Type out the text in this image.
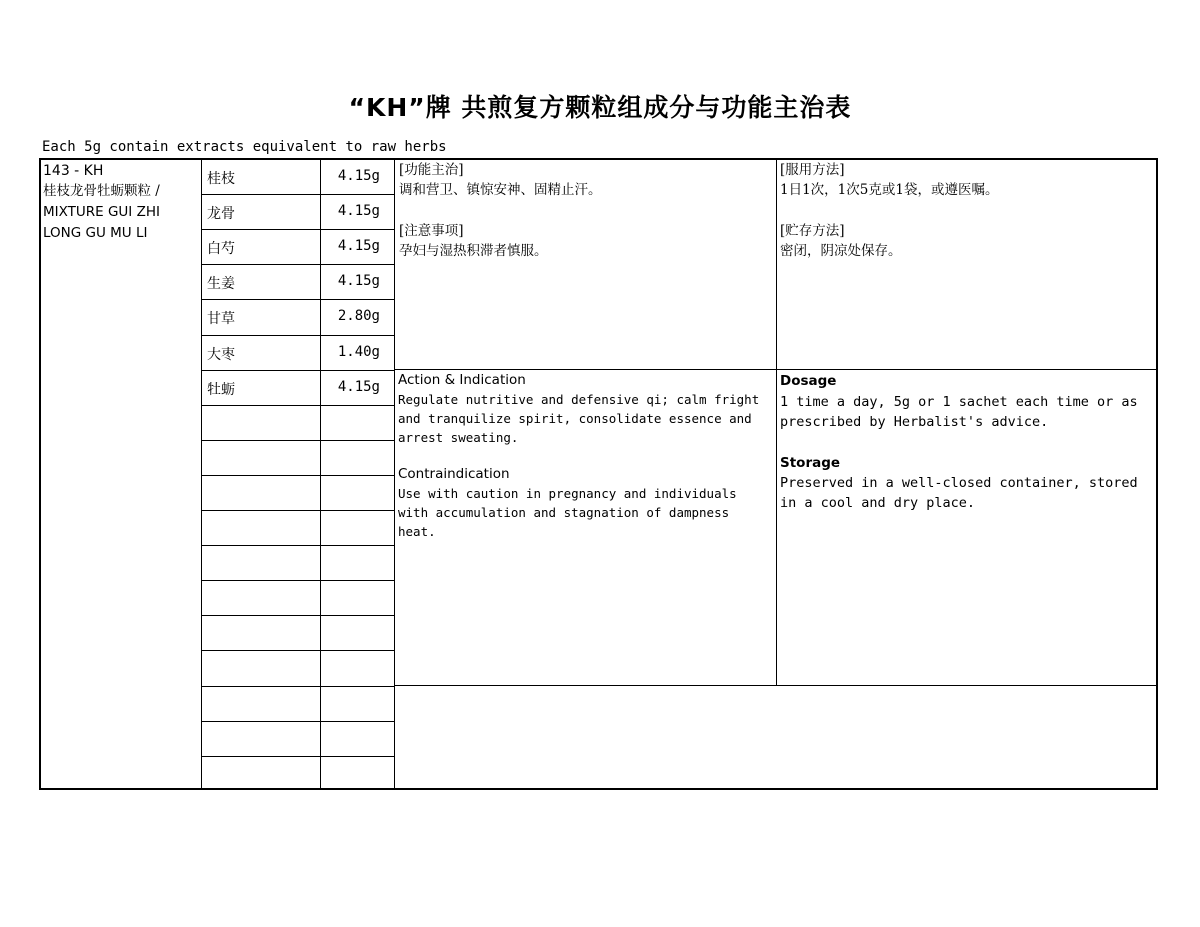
“KH”牌 共煎复方颗粒组成分与功能主治表
Each 5g contain extracts equivalent to raw herbs
143 - KH
桂枝龙骨牡蛎颗粒 /
MIXTURE GUI ZHI
LONG GU MU LI
桂枝	4.15g
龙骨	4.15g
白芍	4.15g
生姜	4.15g
甘草	2.80g
大枣	1.40g
牡蛎	4.15g
[功能主治]
调和营卫、镇惊安神、固精止汗。
[注意事项]
孕妇与湿热积滞者慎服。
[服用方法]
1日1次，1次5克或1袋，或遵医嘱。
[贮存方法]
密闭，阴凉处保存。
Action & Indication
Regulate nutritive and defensive qi; calm fright
and tranquilize spirit, consolidate essence and
arrest sweating.
Contraindication
Use with caution in pregnancy and individuals
with accumulation and stagnation of dampness
heat.
Dosage
1 time a day, 5g or 1 sachet each time or as
prescribed by Herbalist's advice.
Storage
Preserved in a well-closed container, stored
in a cool and dry place.
